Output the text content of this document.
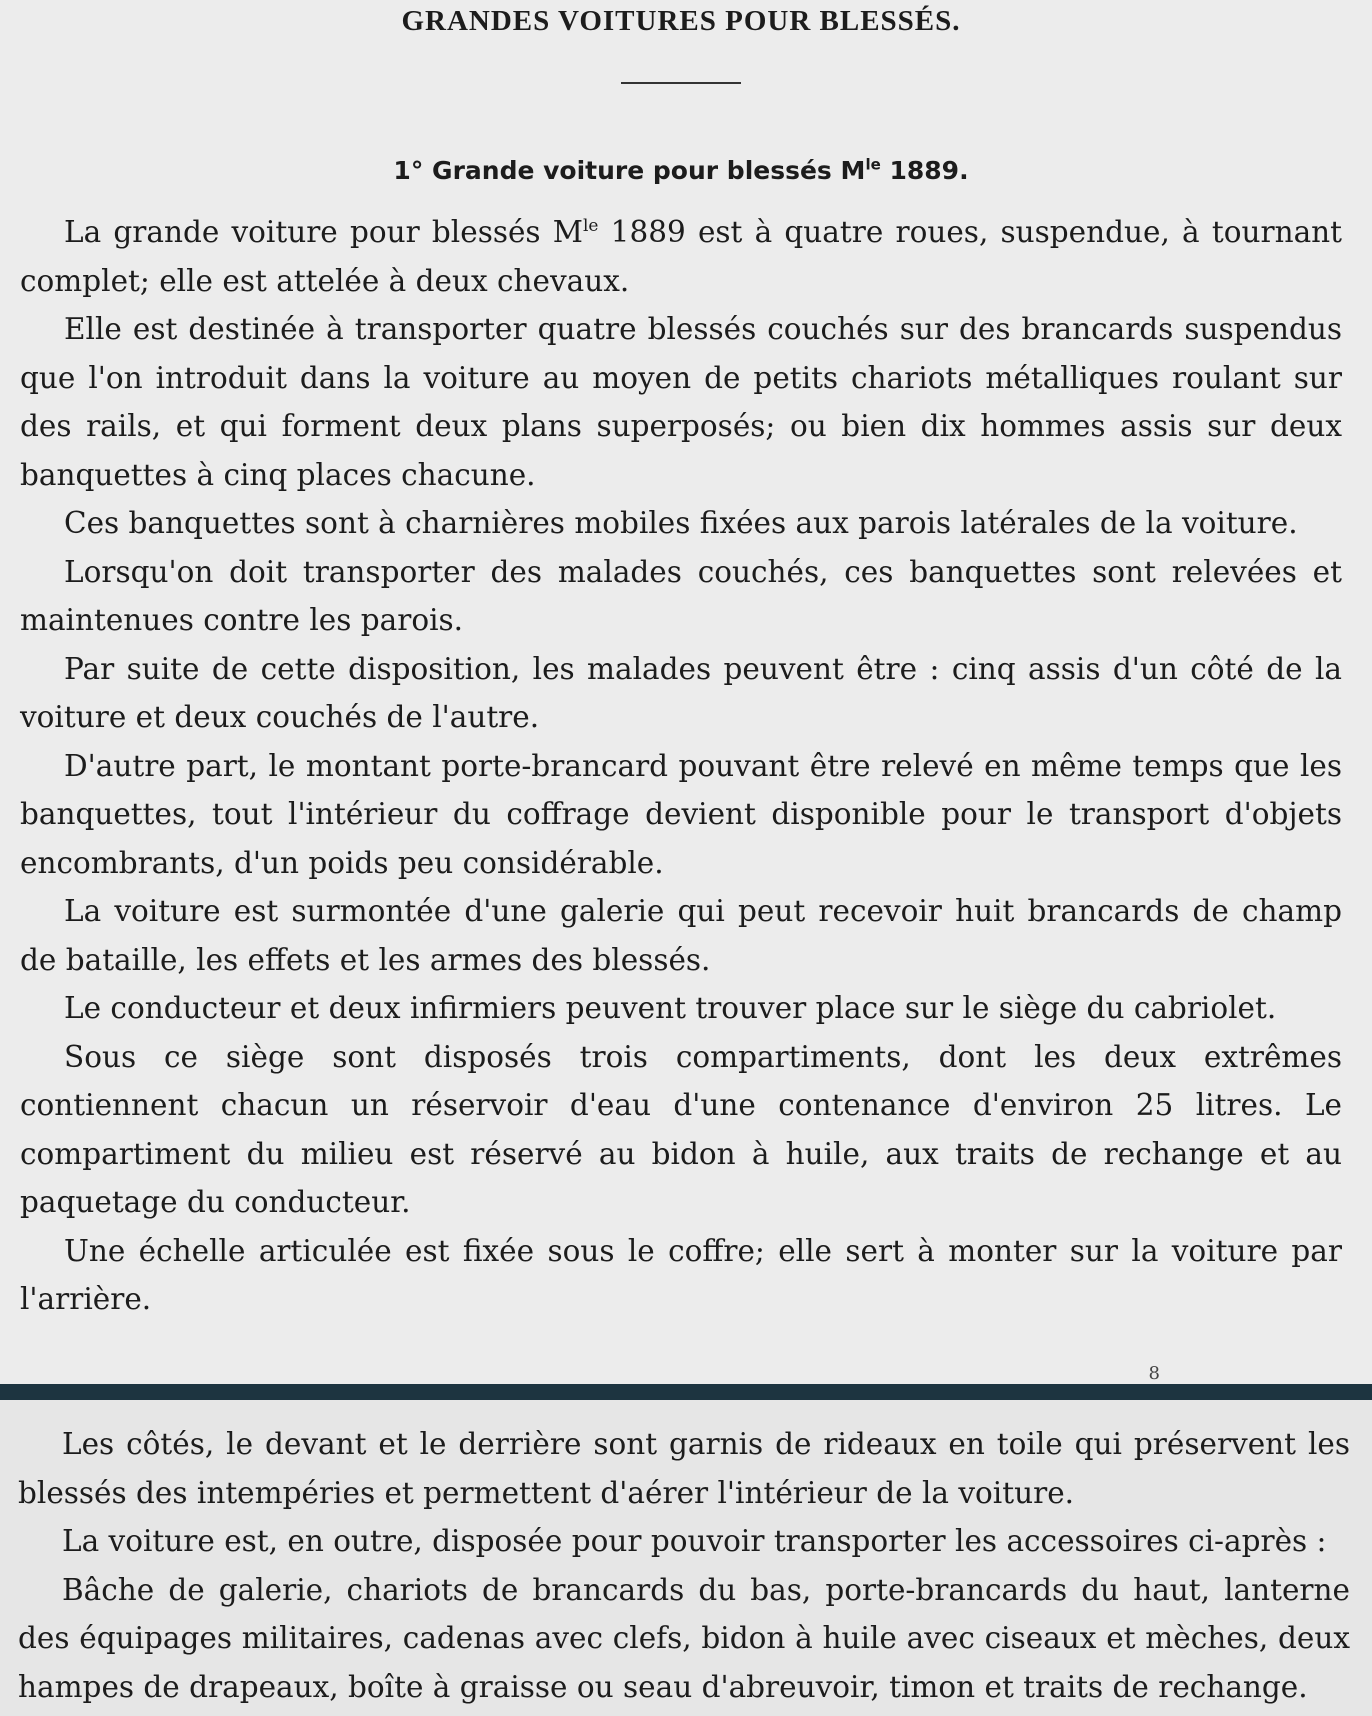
GRANDES VOITURES POUR BLESSÉS.
1° Grande voiture pour blessés $M^{le}$ 1889.

La grande voiture pour blessés $M^{le}$ 1889 est à quatre roues, suspendue, à tournant complet; elle est attelée à deux chevaux.

Elle est destinée à transporter quatre blessés couchés sur des brancards suspendus que l'on introduit dans la voiture au moyen de petits chariots métalliques roulant sur des rails, et qui forment deux plans superposés; ou bien dix hommes assis sur deux banquettes à cinq places chacune.

Ces banquettes sont à charnières mobiles fixées aux parois latérales de la voiture.

Lorsqu'on doit transporter des malades couchés, ces banquettes sont relevées et maintenues contre les parois.

Par suite de cette disposition, les malades peuvent être : cinq assis d'un côté de la voiture et deux couchés de l'autre.

D'autre part, le montant porte-brancard pouvant être relevé en même temps que les banquettes, tout l'intérieur du coffrage devient disponible pour le transport d'objets encombrants, d'un poids peu considérable.

La voiture est surmontée d'une galerie qui peut recevoir huit brancards de champ de bataille, les effets et les armes des blessés.

Le conducteur et deux infirmiers peuvent trouver place sur le siège du cabriolet.

Sous ce siège sont disposés trois compartiments, dont les deux extrêmes contiennent chacun un réservoir d'eau d'une contenance d'environ 25 litres. Le compartiment du milieu est réservé au bidon à huile, aux traits de rechange et au paquetage du conducteur.

Une échelle articulée est fixée sous le coffre; elle sert à monter sur la voiture par l'arrière.

8

Les côtés, le devant et le derrière sont garnis de rideaux en toile qui préservent les blessés des intempéries et permettent d'aérer l'intérieur de la voiture.

La voiture est, en outre, disposée pour pouvoir transporter les accessoires ci-après :

Bâche de galerie, chariots de brancards du bas, porte-brancards du haut, lanterne des équipages militaires, cadenas avec clefs, bidon à huile avec ciseaux et mèches, deux hampes de drapeaux, boîte à graisse ou seau d'abreuvoir, timon et traits de rechange.
